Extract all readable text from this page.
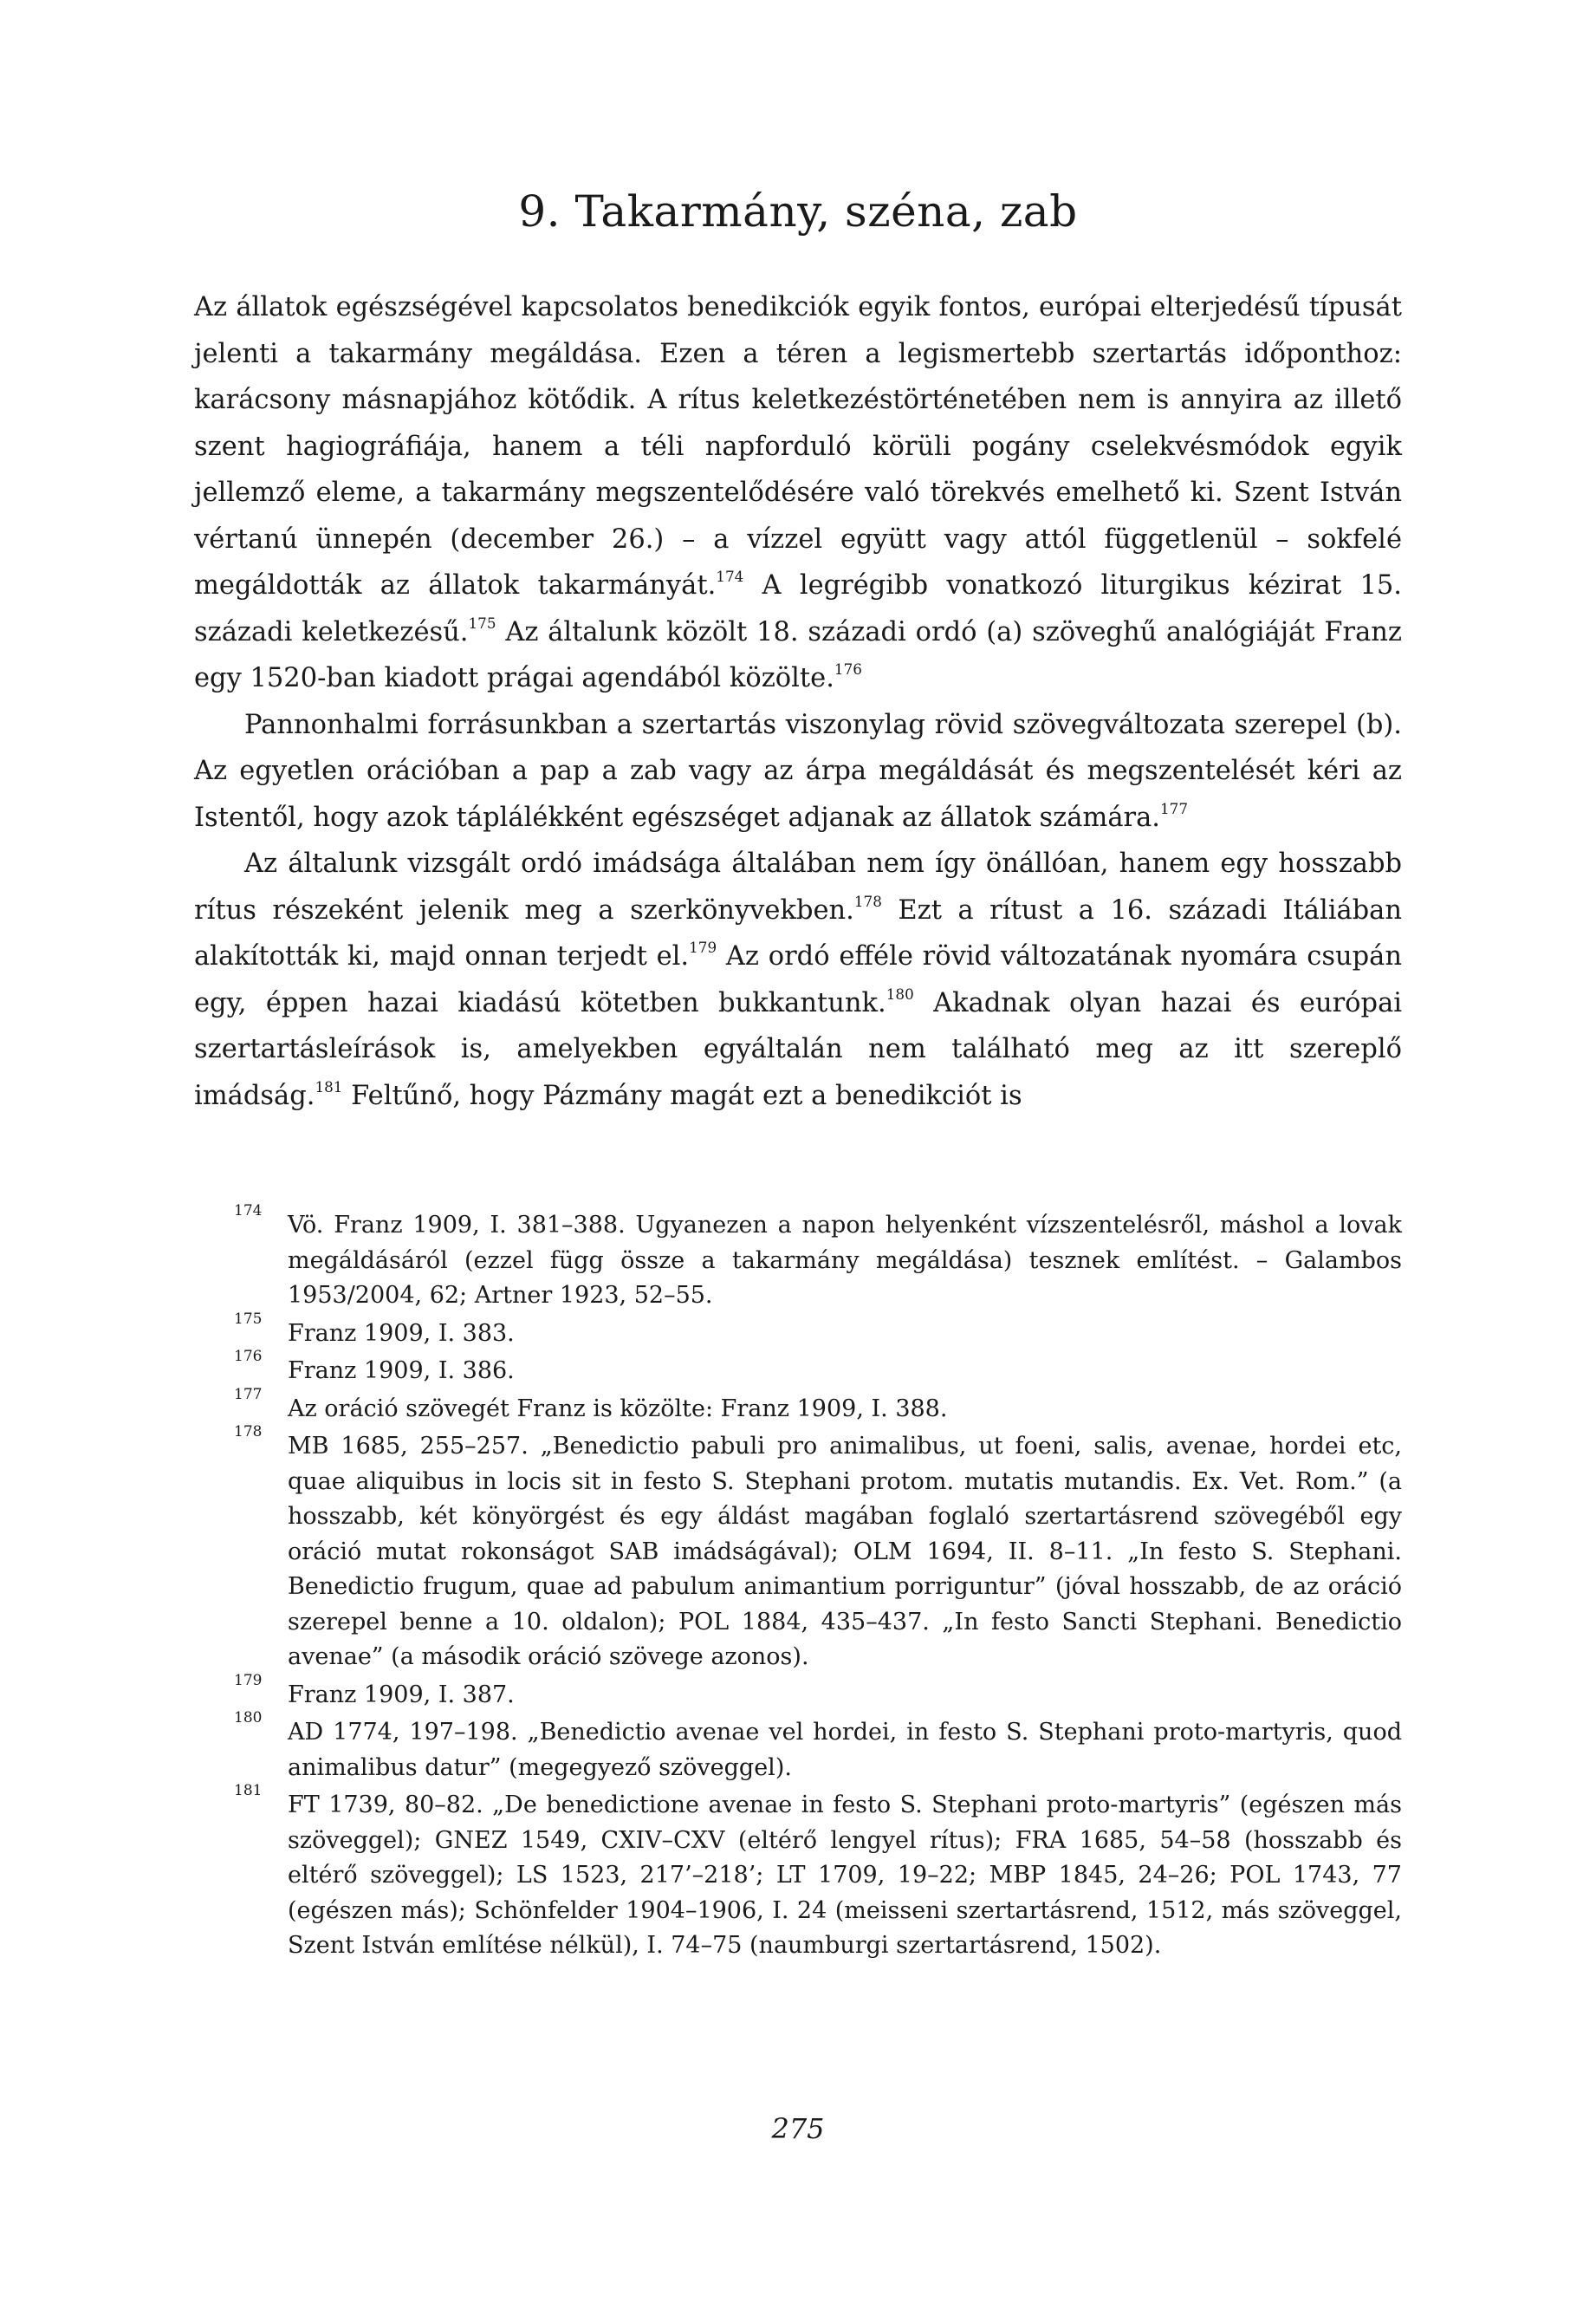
9. Takarmány, széna, zab

Az állatok egészségével kapcsolatos benedikciók egyik fontos, európai elterjedésű típusát jelenti a takarmány megáldása. Ezen a téren a legismertebb szertartás időponthoz: karácsony másnapjához kötődik. A rítus keletkezéstörténetében nem is annyira az illető szent hagiográfiája, hanem a téli napforduló körüli pogány cselekvésmódok egyik jellemző eleme, a takarmány megszentelődésére való törekvés emelhető ki. Szent István vértanú ünnepén (december 26.) – a vízzel együtt vagy attól függetlenül – sokfelé megáldották az állatok takarmányát.$^{174}$ A legrégibb vonatkozó liturgikus kézirat 15. századi keletkezésű.$^{175}$ Az általunk közölt 18. századi ordó (a) szöveghű analógiáját Franz egy 1520-ban kiadott prágai agendából közölte.$^{176}$

Pannonhalmi forrásunkban a szertartás viszonylag rövid szövegváltozata szerepel (b). Az egyetlen orációban a pap a zab vagy az árpa megáldását és megszentelését kéri az Istentől, hogy azok táplálékként egészséget adjanak az állatok számára.$^{177}$

Az általunk vizsgált ordó imádsága általában nem így önállóan, hanem egy hosszabb rítus részeként jelenik meg a szerkönyvekben.$^{178}$ Ezt a rítust a 16. századi Itáliában alakították ki, majd onnan terjedt el.$^{179}$ Az ordó efféle rövid változatának nyomára csupán egy, éppen hazai kiadású kötetben bukkantunk.$^{180}$ Akadnak olyan hazai és európai szertartásleírások is, amelyekben egyáltalán nem található meg az itt szereplő imádság.$^{181}$ Feltűnő, hogy Pázmány magát ezt a benedikciót is

174
Vö. Franz 1909, I. 381–388. Ugyanezen a napon helyenként vízszentelésről, máshol a lovak megáldásáról (ezzel függ össze a takarmány megáldása) tesznek említést. – Galambos 1953/2004, 62; Artner 1923, 52–55.
175
Franz 1909, I. 383.
176
Franz 1909, I. 386.
177
Az oráció szövegét Franz is közölte: Franz 1909, I. 388.
178
MB 1685, 255–257. „Benedictio pabuli pro animalibus, ut foeni, salis, avenae, hordei etc, quae aliquibus in locis sit in festo S. Stephani protom. mutatis mutandis. Ex. Vet. Rom.” (a hosszabb, két könyörgést és egy áldást magában foglaló szertartásrend szövegéből egy oráció mutat rokonságot SAB imádságával); OLM 1694, II. 8–11. „In festo S. Stephani. Benedictio frugum, quae ad pabulum animantium porriguntur” (jóval hosszabb, de az oráció szerepel benne a 10. oldalon); POL 1884, 435–437. „In festo Sancti Stephani. Benedictio avenae” (a második oráció szövege azonos).
179
Franz 1909, I. 387.
180
AD 1774, 197–198. „Benedictio avenae vel hordei, in festo S. Stephani proto-martyris, quod animalibus datur” (megegyező szöveggel).
181
FT 1739, 80–82. „De benedictione avenae in festo S. Stephani proto-martyris” (egészen más szöveggel); GNEZ 1549, CXIV–CXV (eltérő lengyel rítus); FRA 1685, 54–58 (hosszabb és eltérő szöveggel); LS 1523, 217’–218’; LT 1709, 19–22; MBP 1845, 24–26; POL 1743, 77 (egészen más); Schönfelder 1904–1906, I. 24 (meisseni szertartásrend, 1512, más szöveggel, Szent István említése nélkül), I. 74–75 (naumburgi szertartásrend, 1502).
275
